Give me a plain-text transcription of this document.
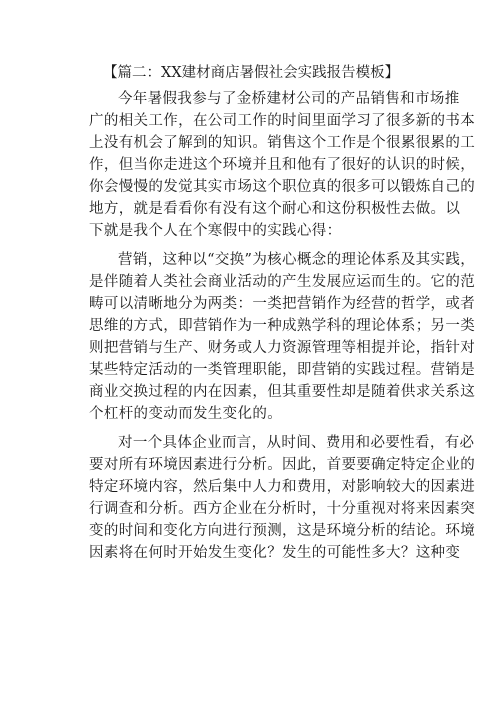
【篇二：XX建材商店暑假社会实践报告模板】
今年暑假我参与了金桥建材公司的产品销售和市场推
广的相关工作，在公司工作的时间里面学习了很多新的书本
上没有机会了解到的知识。销售这个工作是个很累很累的工
作，但当你走进这个环境并且和他有了很好的认识的时候，
你会慢慢的发觉其实市场这个职位真的很多可以锻炼自己的
地方，就是看看你有没有这个耐心和这份积极性去做。以
下就是我个人在个寒假中的实践心得：
营销，这种以“交换”为核心概念的理论体系及其实践，
是伴随着人类社会商业活动的产生发展应运而生的。它的范
畴可以清晰地分为两类：一类把营销作为经营的哲学，或者
思维的方式，即营销作为一种成熟学科的理论体系；另一类
则把营销与生产、财务或人力资源管理等相提并论，指针对
某些特定活动的一类管理职能，即营销的实践过程。营销是
商业交换过程的内在因素，但其重要性却是随着供求关系这
个杠杆的变动而发生变化的。
对一个具体企业而言，从时间、费用和必要性看，有必
要对所有环境因素进行分析。因此，首要要确定特定企业的
特定环境内容，然后集中人力和费用，对影响较大的因素进
行调查和分析。西方企业在分析时，十分重视对将来因素突
变的时间和变化方向进行预测，这是环境分析的结论。环境
因素将在何时开始发生变化？发生的可能性多大？这种变
